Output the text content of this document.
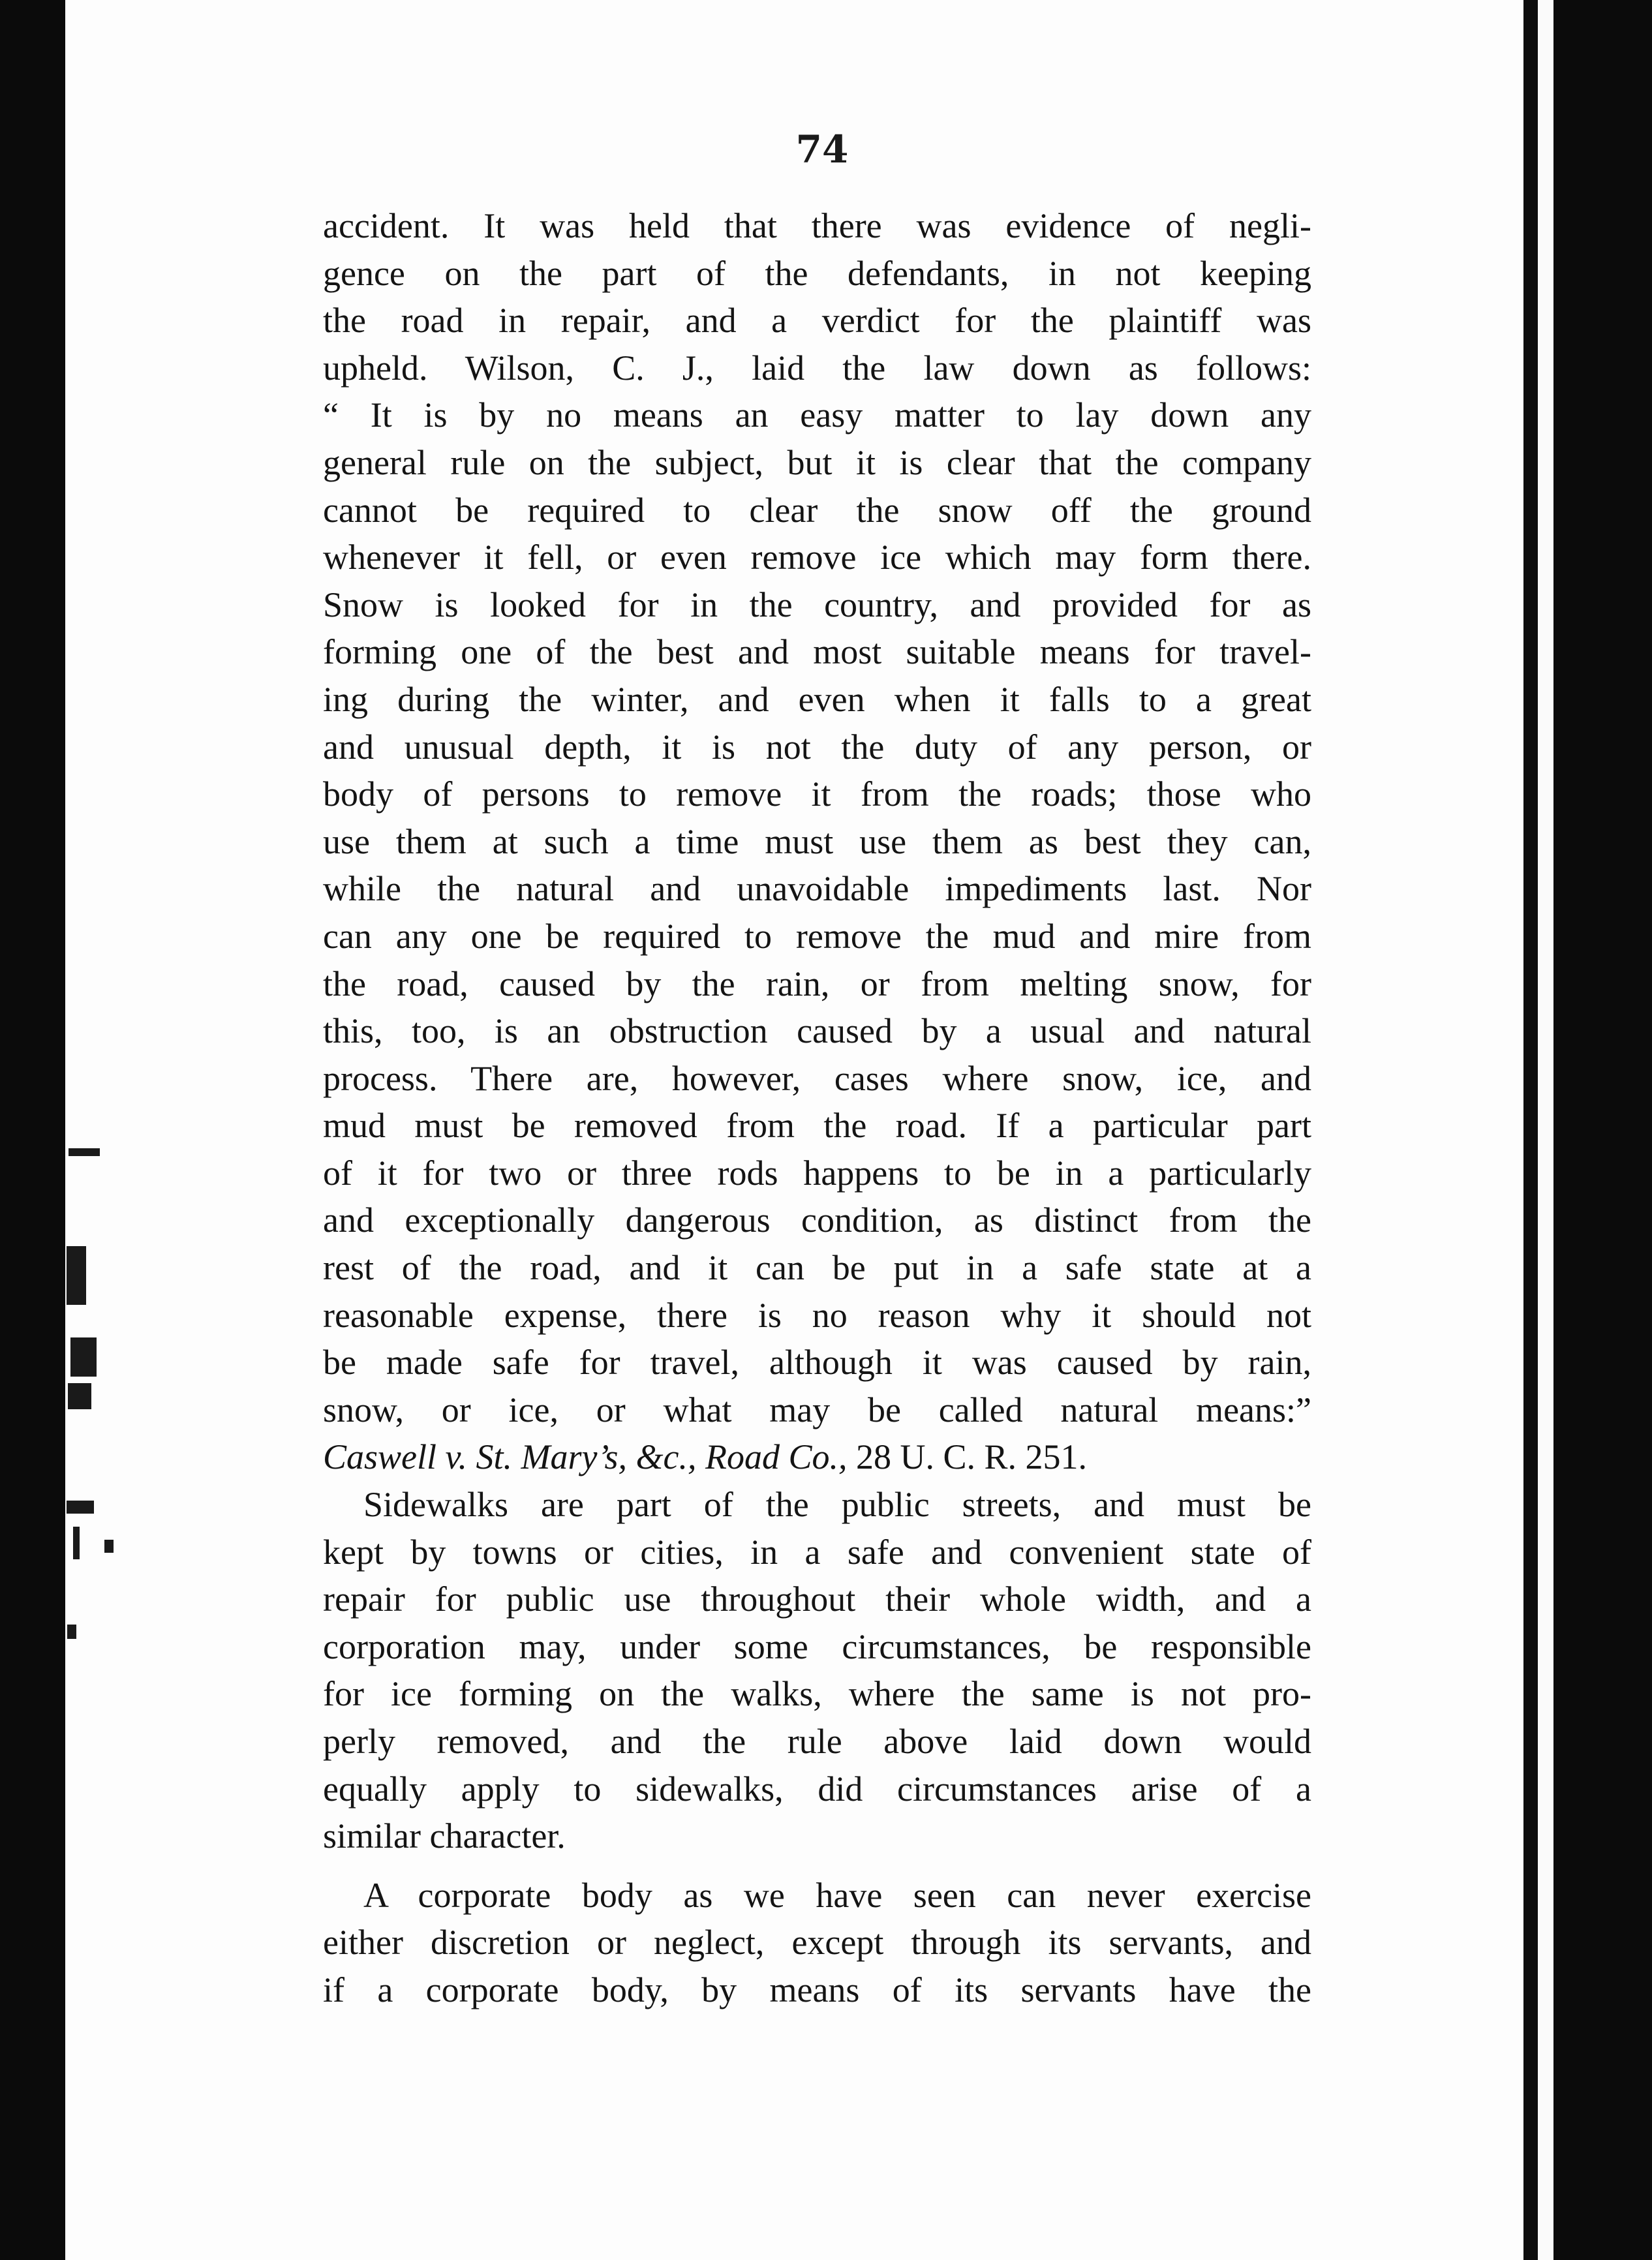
74
accident. It was held that there was evidence of negli-
gence on the part of the defendants, in not keeping
the road in repair, and a verdict for the plaintiff was
upheld. Wilson, C. J., laid the law down as follows:
“ It is by no means an easy matter to lay down any
general rule on the subject, but it is clear that the company
cannot be required to clear the snow off the ground
whenever it fell, or even remove ice which may form there.
Snow is looked for in the country, and provided for as
forming one of the best and most suitable means for travel-
ing during the winter, and even when it falls to a great
and unusual depth, it is not the duty of any person, or
body of persons to remove it from the roads; those who
use them at such a time must use them as best they can,
while the natural and unavoidable impediments last. Nor
can any one be required to remove the mud and mire from
the road, caused by the rain, or from melting snow, for
this, too, is an obstruction caused by a usual and natural
process. There are, however, cases where snow, ice, and
mud must be removed from the road. If a particular part
of it for two or three rods happens to be in a particularly
and exceptionally dangerous condition, as distinct from the
rest of the road, and it can be put in a safe state at a
reasonable expense, there is no reason why it should not
be made safe for travel, although it was caused by rain,
snow, or ice, or what may be called natural means:”
Caswell v. St. Mary’s, &c., Road Co., 28 U. C. R. 251.
Sidewalks are part of the public streets, and must be
kept by towns or cities, in a safe and convenient state of
repair for public use throughout their whole width, and a
corporation may, under some circumstances, be responsible
for ice forming on the walks, where the same is not pro-
perly removed, and the rule above laid down would
equally apply to sidewalks, did circumstances arise of a
similar character.
A corporate body as we have seen can never exercise
either discretion or neglect, except through its servants, and
if a corporate body, by means of its servants have the
